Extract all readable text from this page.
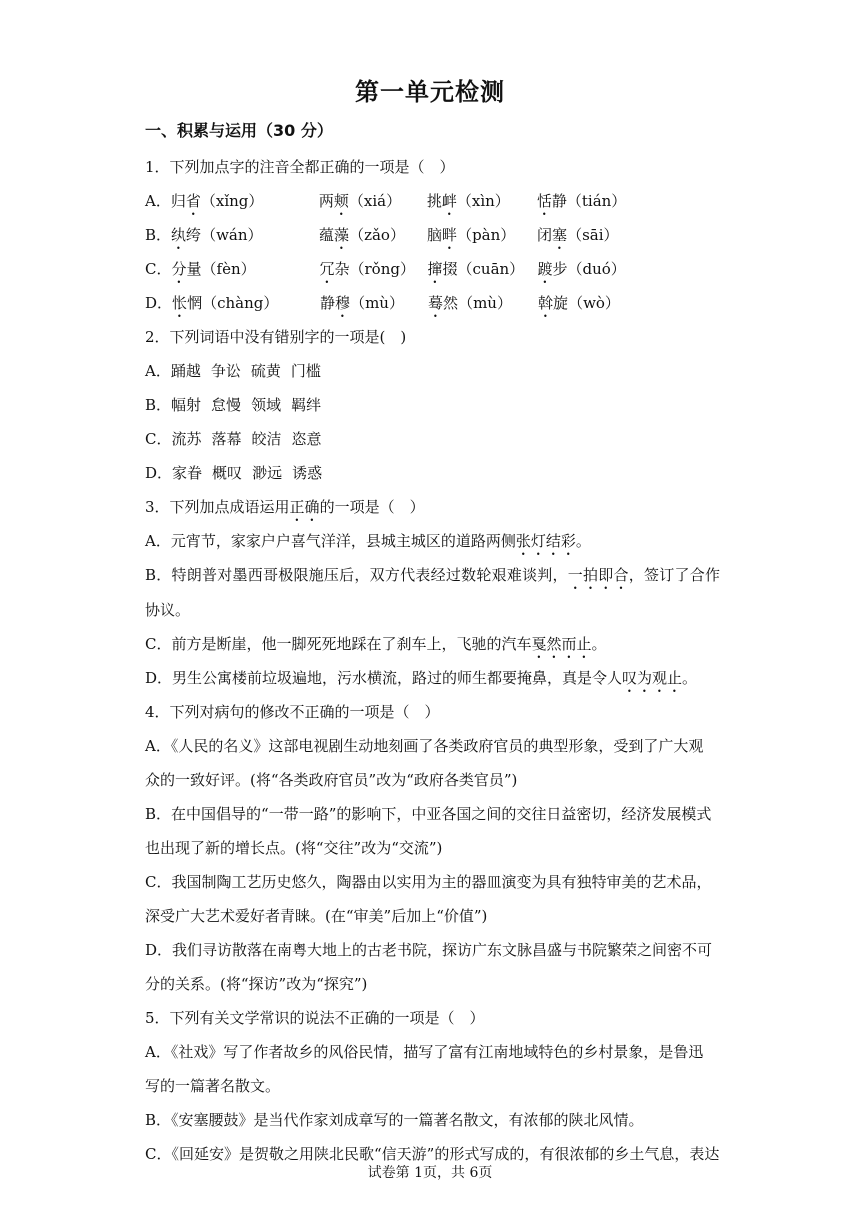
第一单元检测
一、积累与运用（30 分）
1．下列加点字的注音全都正确的一项是（　）
A．归省（xǐng）	两颊（xiá） 挑衅（xìn） 恬静（tián）
B．纨绔（wán）	蕴藻（zǎo） 脑畔（pàn） 闭塞（sāi）
C．分量（fèn）	冗杂（rǒng） 撺掇（cuān） 踱步（duó）
D．怅惘（chàng）	静穆（mù） 蓦然（mù） 斡旋（wò）
2．下列词语中没有错别字的一项是(　)
A．踊越 争讼 硫黄 门槛
B．幅射 怠慢 领域 羁绊
C．流苏 落幕 皎洁 恣意
D．家眷 概叹 渺远 诱惑
3．下列加点成语运用正确的一项是（　）
A．元宵节，家家户户喜气洋洋，县城主城区的道路两侧张灯结彩。
B．特朗普对墨西哥极限施压后，双方代表经过数轮艰难谈判，一拍即合，签订了合作协议。
C．前方是断崖，他一脚死死地踩在了刹车上，飞驰的汽车戛然而止。
D．男生公寓楼前垃圾遍地，污水横流，路过的师生都要掩鼻，真是令人叹为观止。
4．下列对病句的修改不正确的一项是（　）
A．《人民的名义》这部电视剧生动地刻画了各类政府官员的典型形象，受到了广大观
众的一致好评。(将“各类政府官员”改为“政府各类官员”)
B．在中国倡导的“一带一路”的影响下，中亚各国之间的交往日益密切，经济发展模式
也出现了新的增长点。(将“交往”改为“交流”)
C．我国制陶工艺历史悠久，陶器由以实用为主的器皿演变为具有独特审美的艺术品，
深受广大艺术爱好者青睐。(在“审美”后加上“价值”)
D．我们寻访散落在南粤大地上的古老书院，探访广东文脉昌盛与书院繁荣之间密不可
分的关系。(将“探访”改为“探究”)
5．下列有关文学常识的说法不正确的一项是（　）
A．《社戏》写了作者故乡的风俗民情，描写了富有江南地域特色的乡村景象，是鲁迅
写的一篇著名散文。
B．《安塞腰鼓》是当代作家刘成章写的一篇著名散文，有浓郁的陕北风情。
C．《回延安》是贺敬之用陕北民歌“信天游”的形式写成的，有很浓郁的乡土气息，表达
试卷第 1页，共 6页
